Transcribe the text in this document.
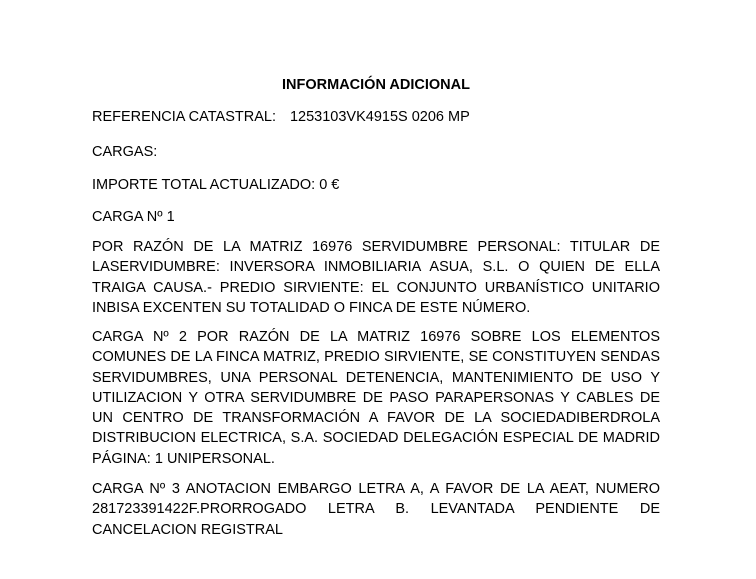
INFORMACIÓN ADICIONAL

REFERENCIA CATASTRAL: 1253103VK4915S 0206 MP

CARGAS:

IMPORTE TOTAL ACTUALIZADO: 0 €

CARGA Nº 1

POR RAZÓN DE LA MATRIZ 16976 SERVIDUMBRE PERSONAL: TITULAR DE LASERVIDUMBRE: INVERSORA INMOBILIARIA ASUA, S.L. O QUIEN DE ELLA TRAIGA CAUSA.- PREDIO SIRVIENTE: EL CONJUNTO URBANÍSTICO UNITARIO INBISA EXCENTEN SU TOTALIDAD O FINCA DE ESTE NÚMERO.

CARGA Nº 2 POR RAZÓN DE LA MATRIZ 16976 SOBRE LOS ELEMENTOS COMUNES DE LA FINCA MATRIZ, PREDIO SIRVIENTE, SE CONSTITUYEN SENDAS SERVIDUMBRES, UNA PERSONAL DETENENCIA, MANTENIMIENTO DE USO Y UTILIZACION Y OTRA SERVIDUMBRE DE PASO PARAPERSONAS Y CABLES DE UN CENTRO DE TRANSFORMACIÓN A FAVOR DE LA SOCIEDADIBERDROLA DISTRIBUCION ELECTRICA, S.A. SOCIEDAD DELEGACIÓN ESPECIAL DE MADRID PÁGINA: 1 UNIPERSONAL.

CARGA Nº 3 ANOTACION EMBARGO LETRA A, A FAVOR DE LA AEAT, NUMERO 281723391422F.PRORROGADO LETRA B. LEVANTADA PENDIENTE DE CANCELACION REGISTRAL
